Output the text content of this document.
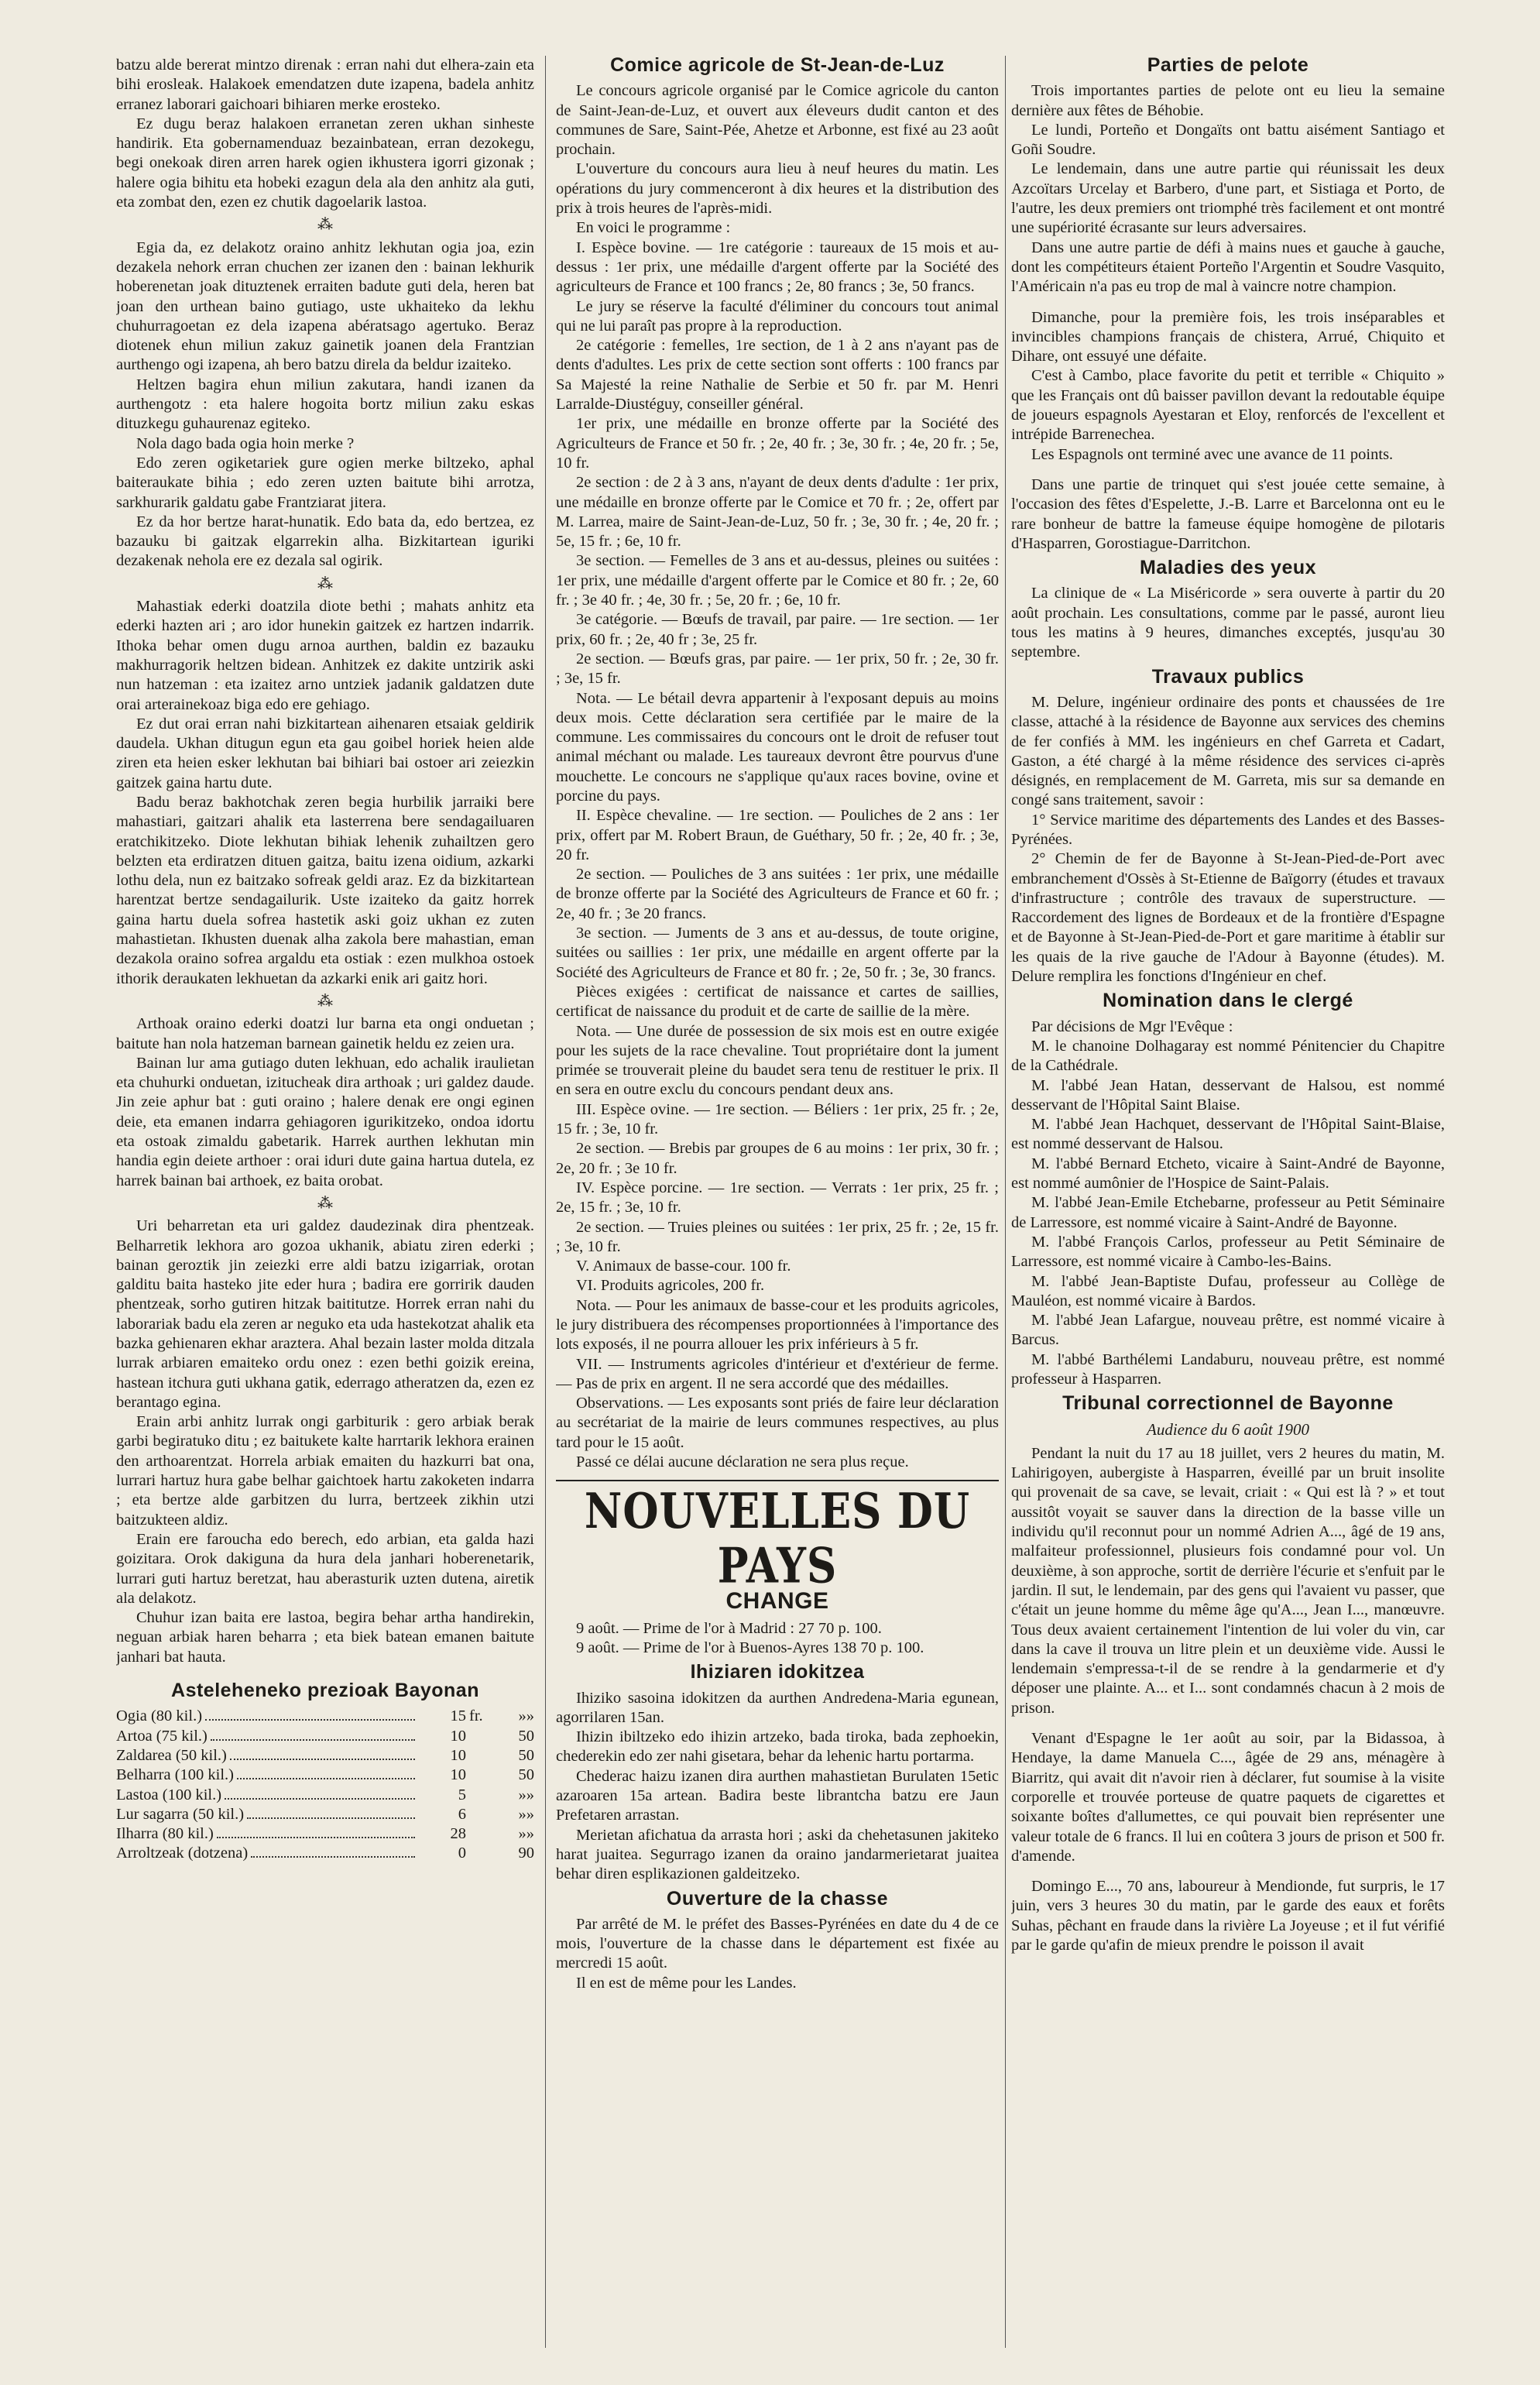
batzu alde bererat mintzo direnak : erran nahi dut elhera-zain eta bihi erosleak. Halakoek emendatzen dute izapena, badela anhitz erranez laborari gaichoari bihiaren merke erosteko.

Ez dugu beraz halakoen erranetan zeren ukhan sinheste handirik. Eta gobernamenduaz bezainbatean, erran dezokegu, begi onekoak diren arren harek ogien ikhustera igorri gizonak ; halere ogia bihitu eta hobeki ezagun dela ala den anhitz ala guti, eta zombat den, ezen ez chutik dagoelarik lastoa.

⁂

Egia da, ez delakotz oraino anhitz lekhutan ogia joa, ezin dezakela nehork erran chuchen zer izanen den : bainan lekhurik hoberenetan joak dituztenek erraiten badute guti dela, heren bat joan den urthean baino gutiago, uste ukhaiteko da lekhu chuhurragoetan ez dela izapena abératsago agertuko. Beraz diotenek ehun miliun zakuz gainetik joanen dela Frantzian aurthengo ogi izapena, ah bero batzu direla da beldur izaiteko.

Heltzen bagira ehun miliun zakutara, handi izanen da aurthengotz : eta halere hogoita bortz miliun zaku eskas dituzkegu guhaurenaz egiteko.

Nola dago bada ogia hoin merke ?

Edo zeren ogiketariek gure ogien merke biltzeko, aphal baiteraukate bihia ; edo zeren uzten baitute bihi arrotza, sarkhurarik galdatu gabe Frantziarat jitera.

Ez da hor bertze harat-hunatik. Edo bata da, edo bertzea, ez bazauku bi gaitzak elgarrekin alha. Bizkitartean iguriki dezakenak nehola ere ez dezala sal ogirik.

⁂

Mahastiak ederki doatzila diote bethi ; mahats anhitz eta ederki hazten ari ; aro idor hunekin gaitzek ez hartzen indarrik. Ithoka behar omen dugu arnoa aurthen, baldin ez bazauku makhurragorik heltzen bidean. Anhitzek ez dakite untzirik aski nun hatzeman : eta izaitez arno untziek jadanik galdatzen dute orai arterainekoaz biga edo ere gehiago.

Ez dut orai erran nahi bizkitartean aihenaren etsaiak geldirik daudela. Ukhan ditugun egun eta gau goibel horiek heien alde ziren eta heien esker lekhutan bai bihiari bai ostoer ari zeiezkin gaitzek gaina hartu dute.

Badu beraz bakhotchak zeren begia hurbilik jarraiki bere mahastiari, gaitzari ahalik eta lasterrena bere sendagailuaren eratchikitzeko. Diote lekhutan bihiak lehenik zuhailtzen gero belzten eta erdiratzen dituen gaitza, baitu izena oidium, azkarki lothu dela, nun ez baitzako sofreak geldi araz. Ez da bizkitartean harentzat bertze sendagailurik. Uste izaiteko da gaitz horrek gaina hartu duela sofrea hastetik aski goiz ukhan ez zuten mahastietan. Ikhusten duenak alha zakola bere mahastian, eman dezakola oraino sofrea argaldu eta ostiak : ezen mulkhoa ostoek ithorik deraukaten lekhuetan da azkarki enik ari gaitz hori.

⁂

Arthoak oraino ederki doatzi lur barna eta ongi onduetan ; baitute han nola hatzeman barnean gainetik heldu ez zeien ura.

Bainan lur ama gutiago duten lekhuan, edo achalik iraulietan eta chuhurki onduetan, izitucheak dira arthoak ; uri galdez daude. Jin zeie aphur bat : guti oraino ; halere denak ere ongi eginen deie, eta emanen indarra gehiagoren igurikitzeko, ondoa idortu eta ostoak zimaldu gabetarik. Harrek aurthen lekhutan min handia egin deiete arthoer : orai iduri dute gaina hartua dutela, ez harrek bainan bai arthoek, ez baita orobat.

⁂

Uri beharretan eta uri galdez daudezinak dira phentzeak. Belharretik lekhora aro gozoa ukhanik, abiatu ziren ederki ; bainan geroztik jin zeiezki erre aldi batzu izigarriak, orotan galditu baita hasteko jite eder hura ; badira ere gorririk dauden phentzeak, sorho gutiren hitzak baititutze. Horrek erran nahi du laborariak badu ela zeren ar neguko eta uda hastekotzat ahalik eta bazka gehienaren ekhar araztera. Ahal bezain laster molda ditzala lurrak arbiaren emaiteko ordu onez : ezen bethi goizik ereina, hastean itchura guti ukhana gatik, ederrago atheratzen da, ezen ez berantago egina.

Erain arbi anhitz lurrak ongi garbiturik : gero arbiak berak garbi begiratuko ditu ; ez baitukete kalte harrtarik lekhora erainen den arthoarentzat. Horrela arbiak emaiten du hazkurri bat ona, lurrari hartuz hura gabe belhar gaichtoek hartu zakoketen indarra ; eta bertze alde garbitzen du lurra, bertzeek zikhin utzi baitzukteen aldiz.

Erain ere faroucha edo berech, edo arbian, eta galda hazi goizitara. Orok dakiguna da hura dela janhari hoberenetarik, lurrari guti hartuz beretzat, hau aberasturik uzten dutena, airetik ala delakotz.

Chuhur izan baita ere lastoa, begira behar artha handirekin, neguan arbiak haren beharra ; eta biek batean emanen baitute janhari bat hauta.

Asteleheneko prezioak Bayonan
Ogia (80 kil.)	15 fr.	»»
Artoa (75 kil.)	10	50
Zaldarea (50 kil.)	10	50
Belharra (100 kil.)	10	50
Lastoa (100 kil.)	5	»»
Lur sagarra (50 kil.)	6	»»
Ilharra (80 kil.)	28	»»
Arroltzeak (dotzena)	0	90
Comice agricole de St-Jean-de-Luz

Le concours agricole organisé par le Comice agricole du canton de Saint-Jean-de-Luz, et ouvert aux éleveurs dudit canton et des communes de Sare, Saint-Pée, Ahetze et Arbonne, est fixé au 23 août prochain.

L'ouverture du concours aura lieu à neuf heures du matin. Les opérations du jury commenceront à dix heures et la distribution des prix à trois heures de l'après-midi.

En voici le programme :

I. Espèce bovine. — 1re catégorie : taureaux de 15 mois et au-dessus : 1er prix, une médaille d'argent offerte par la Société des agriculteurs de France et 100 francs ; 2e, 80 francs ; 3e, 50 francs.

Le jury se réserve la faculté d'éliminer du concours tout animal qui ne lui paraît pas propre à la reproduction.

2e catégorie : femelles, 1re section, de 1 à 2 ans n'ayant pas de dents d'adultes. Les prix de cette section sont offerts : 100 francs par Sa Majesté la reine Nathalie de Serbie et 50 fr. par M. Henri Larralde-Diustéguy, conseiller général.

1er prix, une médaille en bronze offerte par la Société des Agriculteurs de France et 50 fr. ; 2e, 40 fr. ; 3e, 30 fr. ; 4e, 20 fr. ; 5e, 10 fr.

2e section : de 2 à 3 ans, n'ayant de deux dents d'adulte : 1er prix, une médaille en bronze offerte par le Comice et 70 fr. ; 2e, offert par M. Larrea, maire de Saint-Jean-de-Luz, 50 fr. ; 3e, 30 fr. ; 4e, 20 fr. ; 5e, 15 fr. ; 6e, 10 fr.

3e section. — Femelles de 3 ans et au-dessus, pleines ou suitées : 1er prix, une médaille d'argent offerte par le Comice et 80 fr. ; 2e, 60 fr. ; 3e 40 fr. ; 4e, 30 fr. ; 5e, 20 fr. ; 6e, 10 fr.

3e catégorie. — Bœufs de travail, par paire. — 1re section. — 1er prix, 60 fr. ; 2e, 40 fr ; 3e, 25 fr.

2e section. — Bœufs gras, par paire. — 1er prix, 50 fr. ; 2e, 30 fr. ; 3e, 15 fr.

Nota. — Le bétail devra appartenir à l'exposant depuis au moins deux mois. Cette déclaration sera certifiée par le maire de la commune. Les commissaires du concours ont le droit de refuser tout animal méchant ou malade. Les taureaux devront être pourvus d'une mouchette. Le concours ne s'applique qu'aux races bovine, ovine et porcine du pays.

II. Espèce chevaline. — 1re section. — Pouliches de 2 ans : 1er prix, offert par M. Robert Braun, de Guéthary, 50 fr. ; 2e, 40 fr. ; 3e, 20 fr.

2e section. — Pouliches de 3 ans suitées : 1er prix, une médaille de bronze offerte par la Société des Agriculteurs de France et 60 fr. ; 2e, 40 fr. ; 3e 20 francs.

3e section. — Juments de 3 ans et au-dessus, de toute origine, suitées ou saillies : 1er prix, une médaille en argent offerte par la Société des Agriculteurs de France et 80 fr. ; 2e, 50 fr. ; 3e, 30 francs.

Pièces exigées : certificat de naissance et cartes de saillies, certificat de naissance du produit et de carte de saillie de la mère.

Nota. — Une durée de possession de six mois est en outre exigée pour les sujets de la race chevaline. Tout propriétaire dont la jument primée se trouverait pleine du baudet sera tenu de restituer le prix. Il en sera en outre exclu du concours pendant deux ans.

III. Espèce ovine. — 1re section. — Béliers : 1er prix, 25 fr. ; 2e, 15 fr. ; 3e, 10 fr.

2e section. — Brebis par groupes de 6 au moins : 1er prix, 30 fr. ; 2e, 20 fr. ; 3e 10 fr.

IV. Espèce porcine. — 1re section. — Verrats : 1er prix, 25 fr. ; 2e, 15 fr. ; 3e, 10 fr.

2e section. — Truies pleines ou suitées : 1er prix, 25 fr. ; 2e, 15 fr. ; 3e, 10 fr.

V. Animaux de basse-cour. 100 fr.

VI. Produits agricoles, 200 fr.

Nota. — Pour les animaux de basse-cour et les produits agricoles, le jury distribuera des récompenses proportionnées à l'importance des lots exposés, il ne pourra allouer les prix inférieurs à 5 fr.

VII. — Instruments agricoles d'intérieur et d'extérieur de ferme. — Pas de prix en argent. Il ne sera accordé que des médailles.

Observations. — Les exposants sont priés de faire leur déclaration au secrétariat de la mairie de leurs communes respectives, au plus tard pour le 15 août.

Passé ce délai aucune déclaration ne sera plus reçue.

NOUVELLES DU PAYS
CHANGE

9 août. — Prime de l'or à Madrid : 27 70 p. 100.

9 août. — Prime de l'or à Buenos-Ayres 138 70 p. 100.

Ihiziaren idokitzea

Ihiziko sasoina idokitzen da aurthen Andredena-Maria egunean, agorrilaren 15an.

Ihizin ibiltzeko edo ihizin artzeko, bada tiroka, bada zephoekin, chederekin edo zer nahi gisetara, behar da lehenic hartu portarma.

Chederac haizu izanen dira aurthen mahastietan Burulaten 15etic azaroaren 15a artean. Badira beste librantcha batzu ere Jaun Prefetaren arrastan.

Merietan afichatua da arrasta hori ; aski da chehetasunen jakiteko harat juaitea. Segurrago izanen da oraino jandarmerietarat juaitea behar diren esplikazionen galdeitzeko.

Ouverture de la chasse

Par arrêté de M. le préfet des Basses-Pyrénées en date du 4 de ce mois, l'ouverture de la chasse dans le département est fixée au mercredi 15 août.

Il en est de même pour les Landes.

Parties de pelote

Trois importantes parties de pelote ont eu lieu la semaine dernière aux fêtes de Béhobie.

Le lundi, Porteño et Dongaïts ont battu aisément Santiago et Goñi Soudre.

Le lendemain, dans une autre partie qui réunissait les deux Azcoïtars Urcelay et Barbero, d'une part, et Sistiaga et Porto, de l'autre, les deux premiers ont triomphé très facilement et ont montré une supériorité écrasante sur leurs adversaires.

Dans une autre partie de défi à mains nues et gauche à gauche, dont les compétiteurs étaient Porteño l'Argentin et Soudre Vasquito, l'Américain n'a pas eu trop de mal à vaincre notre champion.

Dimanche, pour la première fois, les trois inséparables et invincibles champions français de chistera, Arrué, Chiquito et Dihare, ont essuyé une défaite.

C'est à Cambo, place favorite du petit et terrible « Chiquito » que les Français ont dû baisser pavillon devant la redoutable équipe de joueurs espagnols Ayestaran et Eloy, renforcés de l'excellent et intrépide Barrenechea.

Les Espagnols ont terminé avec une avance de 11 points.

Dans une partie de trinquet qui s'est jouée cette semaine, à l'occasion des fêtes d'Espelette, J.-B. Larre et Barcelonna ont eu le rare bonheur de battre la fameuse équipe homogène de pilotaris d'Hasparren, Gorostiague-Darritchon.

Maladies des yeux

La clinique de « La Miséricorde » sera ouverte à partir du 20 août prochain. Les consultations, comme par le passé, auront lieu tous les matins à 9 heures, dimanches exceptés, jusqu'au 30 septembre.

Travaux publics

M. Delure, ingénieur ordinaire des ponts et chaussées de 1re classe, attaché à la résidence de Bayonne aux services des chemins de fer confiés à MM. les ingénieurs en chef Garreta et Cadart, Gaston, a été chargé à la même résidence des services ci-après désignés, en remplacement de M. Garreta, mis sur sa demande en congé sans traitement, savoir :

1° Service maritime des départements des Landes et des Basses-Pyrénées.

2° Chemin de fer de Bayonne à St-Jean-Pied-de-Port avec embranchement d'Ossès à St-Etienne de Baïgorry (études et travaux d'infrastructure ; contrôle des travaux de superstructure. — Raccordement des lignes de Bordeaux et de la frontière d'Espagne et de Bayonne à St-Jean-Pied-de-Port et gare maritime à établir sur les quais de la rive gauche de l'Adour à Bayonne (études). M. Delure remplira les fonctions d'Ingénieur en chef.

Nomination dans le clergé

Par décisions de Mgr l'Evêque :

M. le chanoine Dolhagaray est nommé Pénitencier du Chapitre de la Cathédrale.

M. l'abbé Jean Hatan, desservant de Halsou, est nommé desservant de l'Hôpital Saint Blaise.

M. l'abbé Jean Hachquet, desservant de l'Hôpital Saint-Blaise, est nommé desservant de Halsou.

M. l'abbé Bernard Etcheto, vicaire à Saint-André de Bayonne, est nommé aumônier de l'Hospice de Saint-Palais.

M. l'abbé Jean-Emile Etchebarne, professeur au Petit Séminaire de Larressore, est nommé vicaire à Saint-André de Bayonne.

M. l'abbé François Carlos, professeur au Petit Séminaire de Larressore, est nommé vicaire à Cambo-les-Bains.

M. l'abbé Jean-Baptiste Dufau, professeur au Collège de Mauléon, est nommé vicaire à Bardos.

M. l'abbé Jean Lafargue, nouveau prêtre, est nommé vicaire à Barcus.

M. l'abbé Barthélemi Landaburu, nouveau prêtre, est nommé professeur à Hasparren.

Tribunal correctionnel de Bayonne
Audience du 6 août 1900

Pendant la nuit du 17 au 18 juillet, vers 2 heures du matin, M. Lahirigoyen, aubergiste à Hasparren, éveillé par un bruit insolite qui provenait de sa cave, se levait, criait : « Qui est là ? » et tout aussitôt voyait se sauver dans la direction de la basse ville un individu qu'il reconnut pour un nommé Adrien A..., âgé de 19 ans, malfaiteur professionnel, plusieurs fois condamné pour vol. Un deuxième, à son approche, sortit de derrière l'écurie et s'enfuit par le jardin. Il sut, le lendemain, par des gens qui l'avaient vu passer, que c'était un jeune homme du même âge qu'A..., Jean I..., manœuvre. Tous deux avaient certainement l'intention de lui voler du vin, car dans la cave il trouva un litre plein et un deuxième vide. Aussi le lendemain s'empressa-t-il de se rendre à la gendarmerie et d'y déposer une plainte. A... et I... sont condamnés chacun à 2 mois de prison.

Venant d'Espagne le 1er août au soir, par la Bidassoa, à Hendaye, la dame Manuela C..., âgée de 29 ans, ménagère à Biarritz, qui avait dit n'avoir rien à déclarer, fut soumise à la visite corporelle et trouvée porteuse de quatre paquets de cigarettes et soixante boîtes d'allumettes, ce qui pouvait bien représenter une valeur totale de 6 francs. Il lui en coûtera 3 jours de prison et 500 fr. d'amende.

Domingo E..., 70 ans, laboureur à Mendionde, fut surpris, le 17 juin, vers 3 heures 30 du matin, par le garde des eaux et forêts Suhas, pêchant en fraude dans la rivière La Joyeuse ; et il fut vérifié par le garde qu'afin de mieux prendre le poisson il avait
